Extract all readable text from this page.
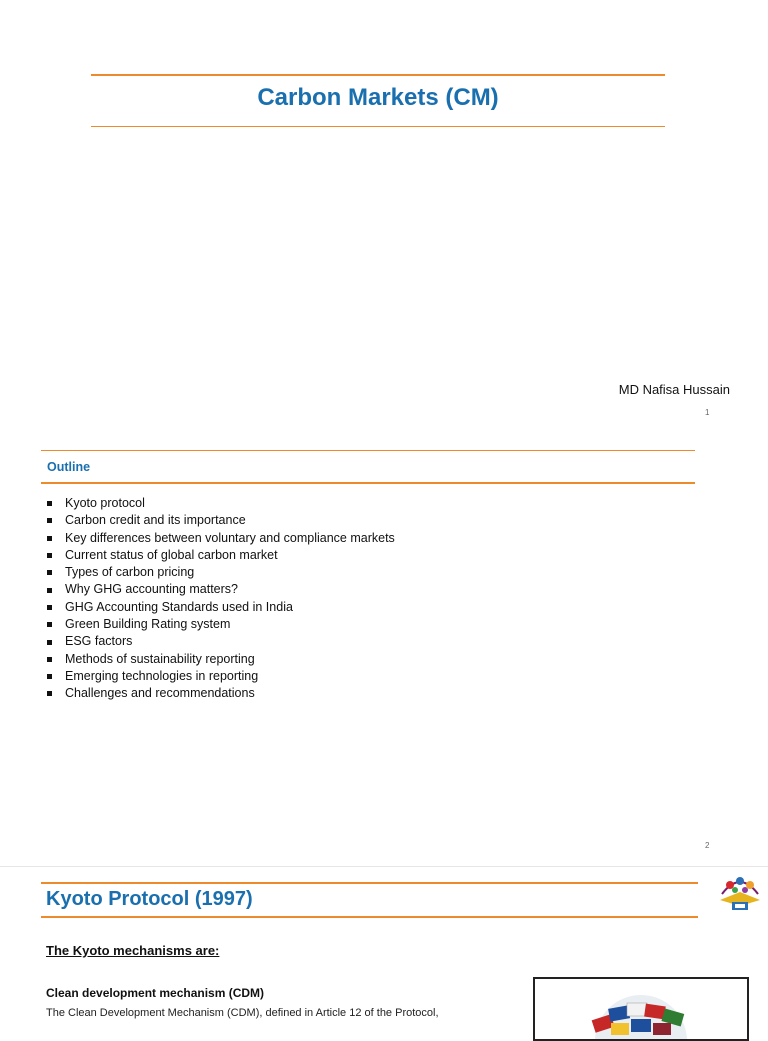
Carbon Markets (CM)
MD Nafisa Hussain
1
Outline
Kyoto protocol
Carbon credit and its importance
Key differences between voluntary and compliance markets
Current status of global carbon market
Types of carbon pricing
Why GHG accounting matters?
GHG Accounting Standards used in India
Green Building Rating system
ESG factors
Methods of sustainability reporting
Emerging technologies in reporting
Challenges and recommendations
2
Kyoto Protocol (1997)
The Kyoto mechanisms are:
Clean development mechanism (CDM)
The Clean Development Mechanism (CDM), defined in Article 12 of the Protocol,
